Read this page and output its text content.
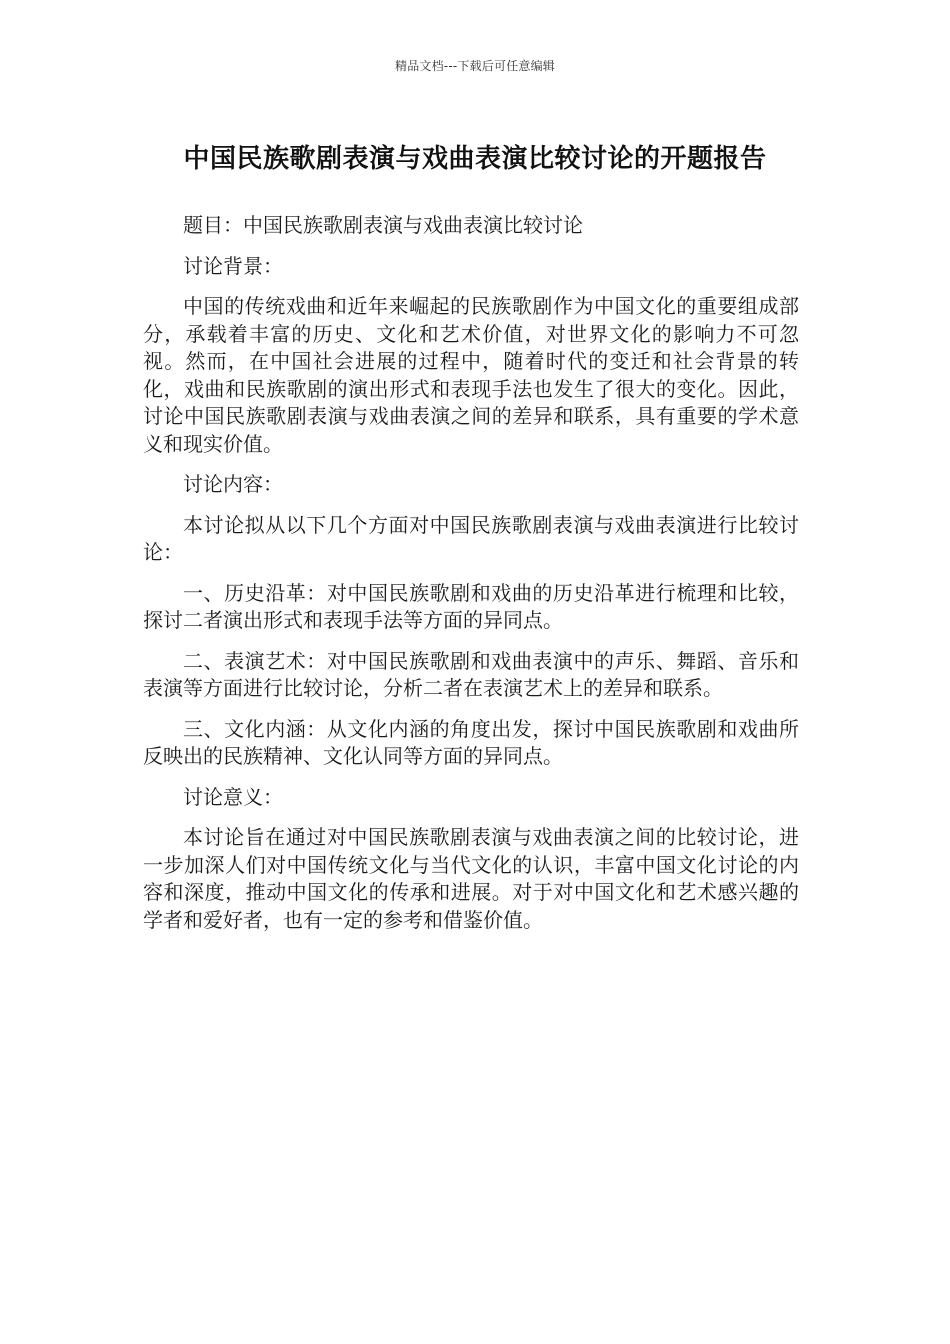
精品文档---下载后可任意编辑
中国民族歌剧表演与戏曲表演比较讨论的开题报告

题目：中国民族歌剧表演与戏曲表演比较讨论

讨论背景：

中国的传统戏曲和近年来崛起的民族歌剧作为中国文化的重要组成部分，承载着丰富的历史、文化和艺术价值，对世界文化的影响力不可忽视。然而，在中国社会进展的过程中，随着时代的变迁和社会背景的转化，戏曲和民族歌剧的演出形式和表现手法也发生了很大的变化。因此，讨论中国民族歌剧表演与戏曲表演之间的差异和联系，具有重要的学术意义和现实价值。

讨论内容：

本讨论拟从以下几个方面对中国民族歌剧表演与戏曲表演进行比较讨论：

一、历史沿革：对中国民族歌剧和戏曲的历史沿革进行梳理和比较，探讨二者演出形式和表现手法等方面的异同点。

二、表演艺术：对中国民族歌剧和戏曲表演中的声乐、舞蹈、音乐和表演等方面进行比较讨论，分析二者在表演艺术上的差异和联系。

三、文化内涵：从文化内涵的角度出发，探讨中国民族歌剧和戏曲所反映出的民族精神、文化认同等方面的异同点。

讨论意义：

本讨论旨在通过对中国民族歌剧表演与戏曲表演之间的比较讨论，进一步加深人们对中国传统文化与当代文化的认识，丰富中国文化讨论的内容和深度，推动中国文化的传承和进展。对于对中国文化和艺术感兴趣的学者和爱好者，也有一定的参考和借鉴价值。
